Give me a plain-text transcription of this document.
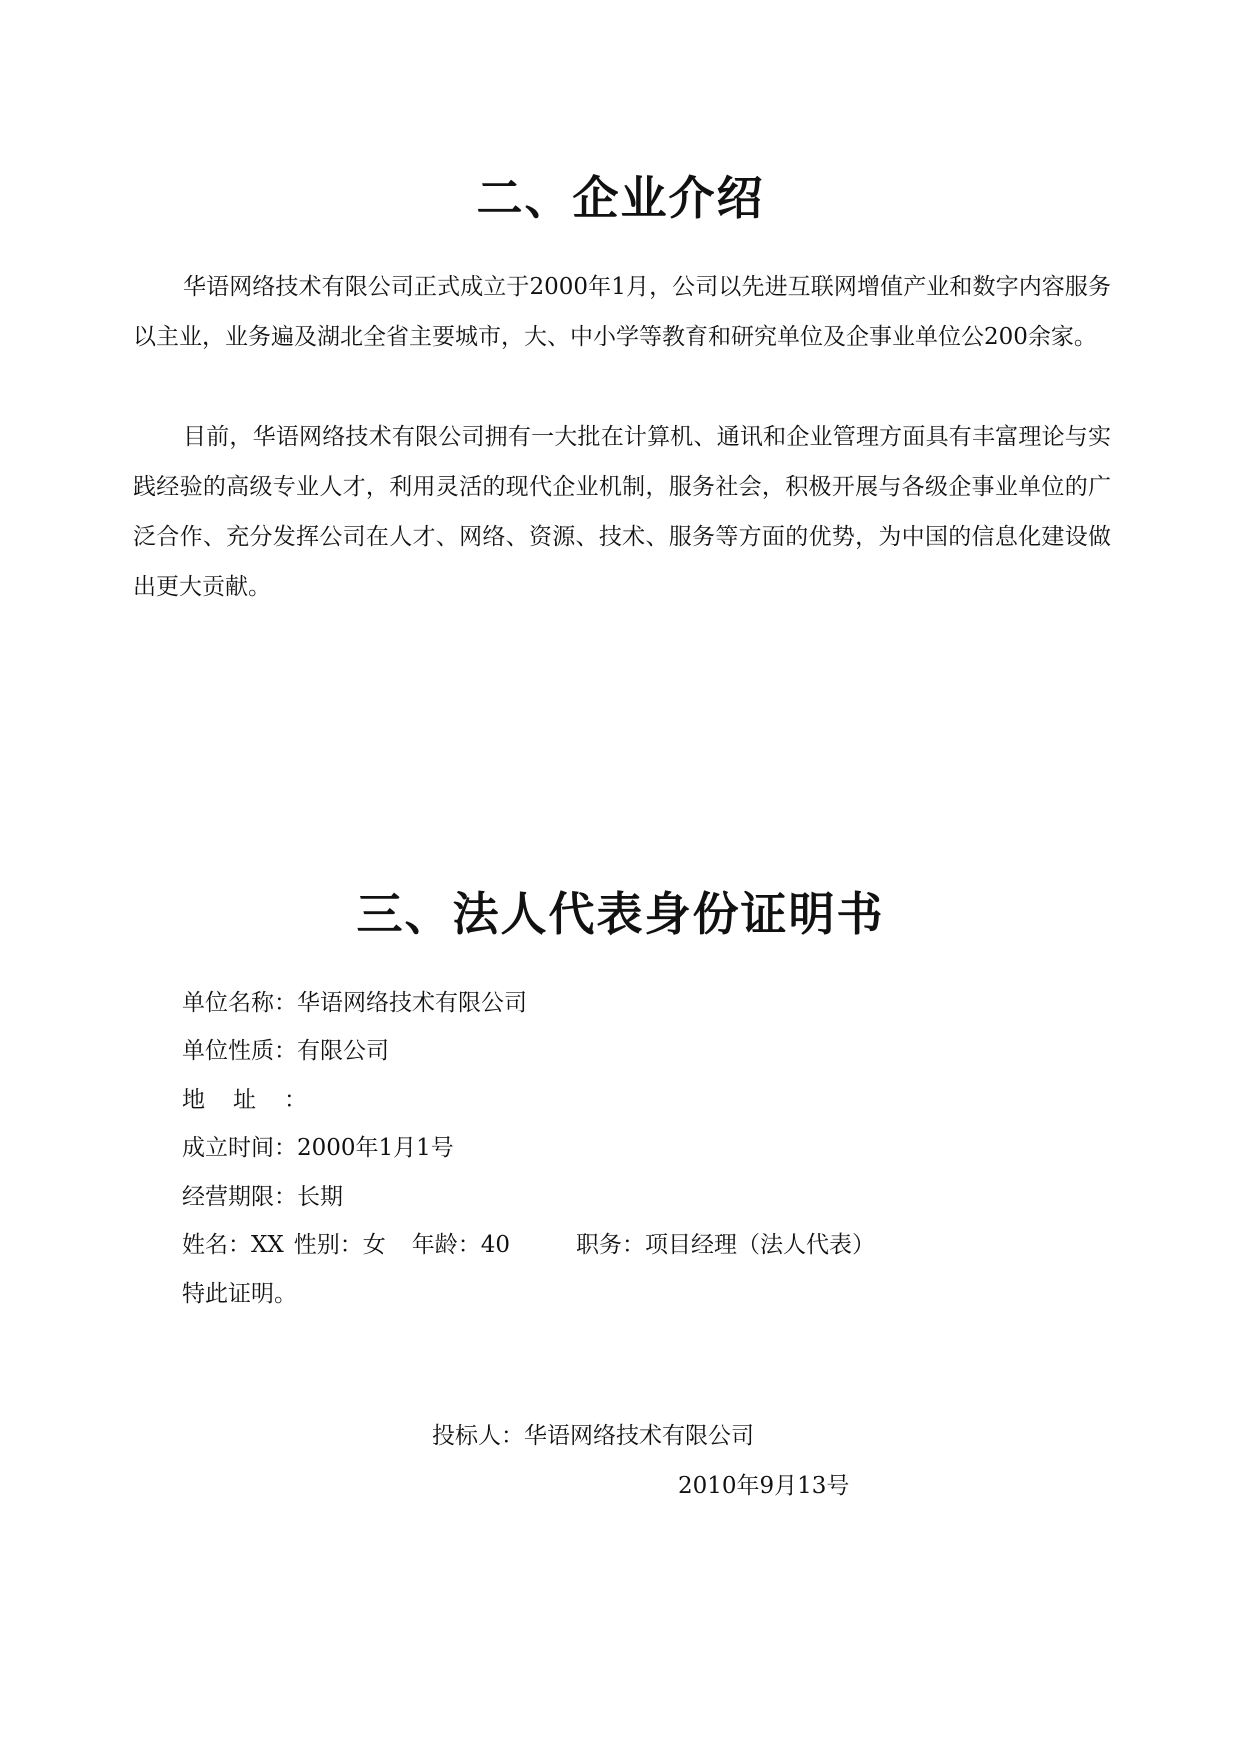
二、企业介绍

华语网络技术有限公司正式成立于2000年1月，公司以先进互联网增值产业和数字内容服务以主业，业务遍及湖北全省主要城市，大、中小学等教育和研究单位及企事业单位公200余家。

目前，华语网络技术有限公司拥有一大批在计算机、通讯和企业管理方面具有丰富理论与实践经验的高级专业人才，利用灵活的现代企业机制，服务社会，积极开展与各级企事业单位的广泛合作、充分发挥公司在人才、网络、资源、技术、服务等方面的优势，为中国的信息化建设做出更大贡献。

三、法人代表身份证明书
单位名称：华语网络技术有限公司
单位性质：有限公司
地址：
成立时间：2000年1月1号
经营期限：长期
姓名：XX 性别：女 年龄：40	职务：项目经理（法人代表）
特此证明。
投标人：华语网络技术有限公司
2010年9月13号
